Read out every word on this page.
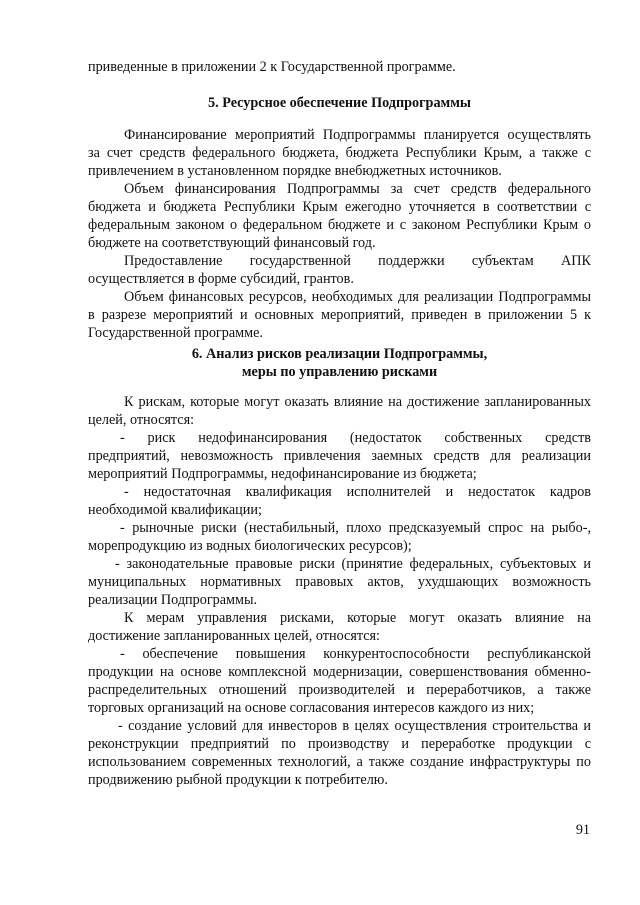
приведенные в приложении 2 к Государственной программе.
5. Ресурсное обеспечение Подпрограммы
Финансирование мероприятий Подпрограммы планируется осуществлять
за счет средств федерального бюджета, бюджета Республики Крым, а также с
привлечением в установленном порядке внебюджетных источников.
Объем финансирования Подпрограммы за счет средств федерального
бюджета и бюджета Республики Крым ежегодно уточняется в соответствии с
федеральным законом о федеральном бюджете и с законом Республики Крым о
бюджете на соответствующий финансовый год.
Предоставление государственной поддержки субъектам АПК
осуществляется в форме субсидий, грантов.
Объем финансовых ресурсов, необходимых для реализации Подпрограммы
в разрезе мероприятий и основных мероприятий, приведен в приложении 5 к
Государственной программе.
6. Анализ рисков реализации Подпрограммы,
меры по управлению рисками
К рискам, которые могут оказать влияние на достижение запланированных
целей, относятся:
- риск недофинансирования (недостаток собственных средств
предприятий, невозможность привлечения заемных средств для реализации
мероприятий Подпрограммы, недофинансирование из бюджета;
- недостаточная квалификация исполнителей и недостаток кадров
необходимой квалификации;
- рыночные риски (нестабильный, плохо предсказуемый спрос на рыбо-,
морепродукцию из водных биологических ресурсов);
- законодательные правовые риски (принятие федеральных, субъектовых и
муниципальных нормативных правовых актов, ухудшающих возможность
реализации Подпрограммы.
К мерам управления рисками, которые могут оказать влияние на
достижение запланированных целей, относятся:
- обеспечение повышения конкурентоспособности республиканской
продукции на основе комплексной модернизации, совершенствования обменно-
распределительных отношений производителей и переработчиков, а также
торговых организаций на основе согласования интересов каждого из них;
- создание условий для инвесторов в целях осуществления строительства и
реконструкции предприятий по производству и переработке продукции с
использованием современных технологий, а также создание инфраструктуры по
продвижению рыбной продукции к потребителю.
91
